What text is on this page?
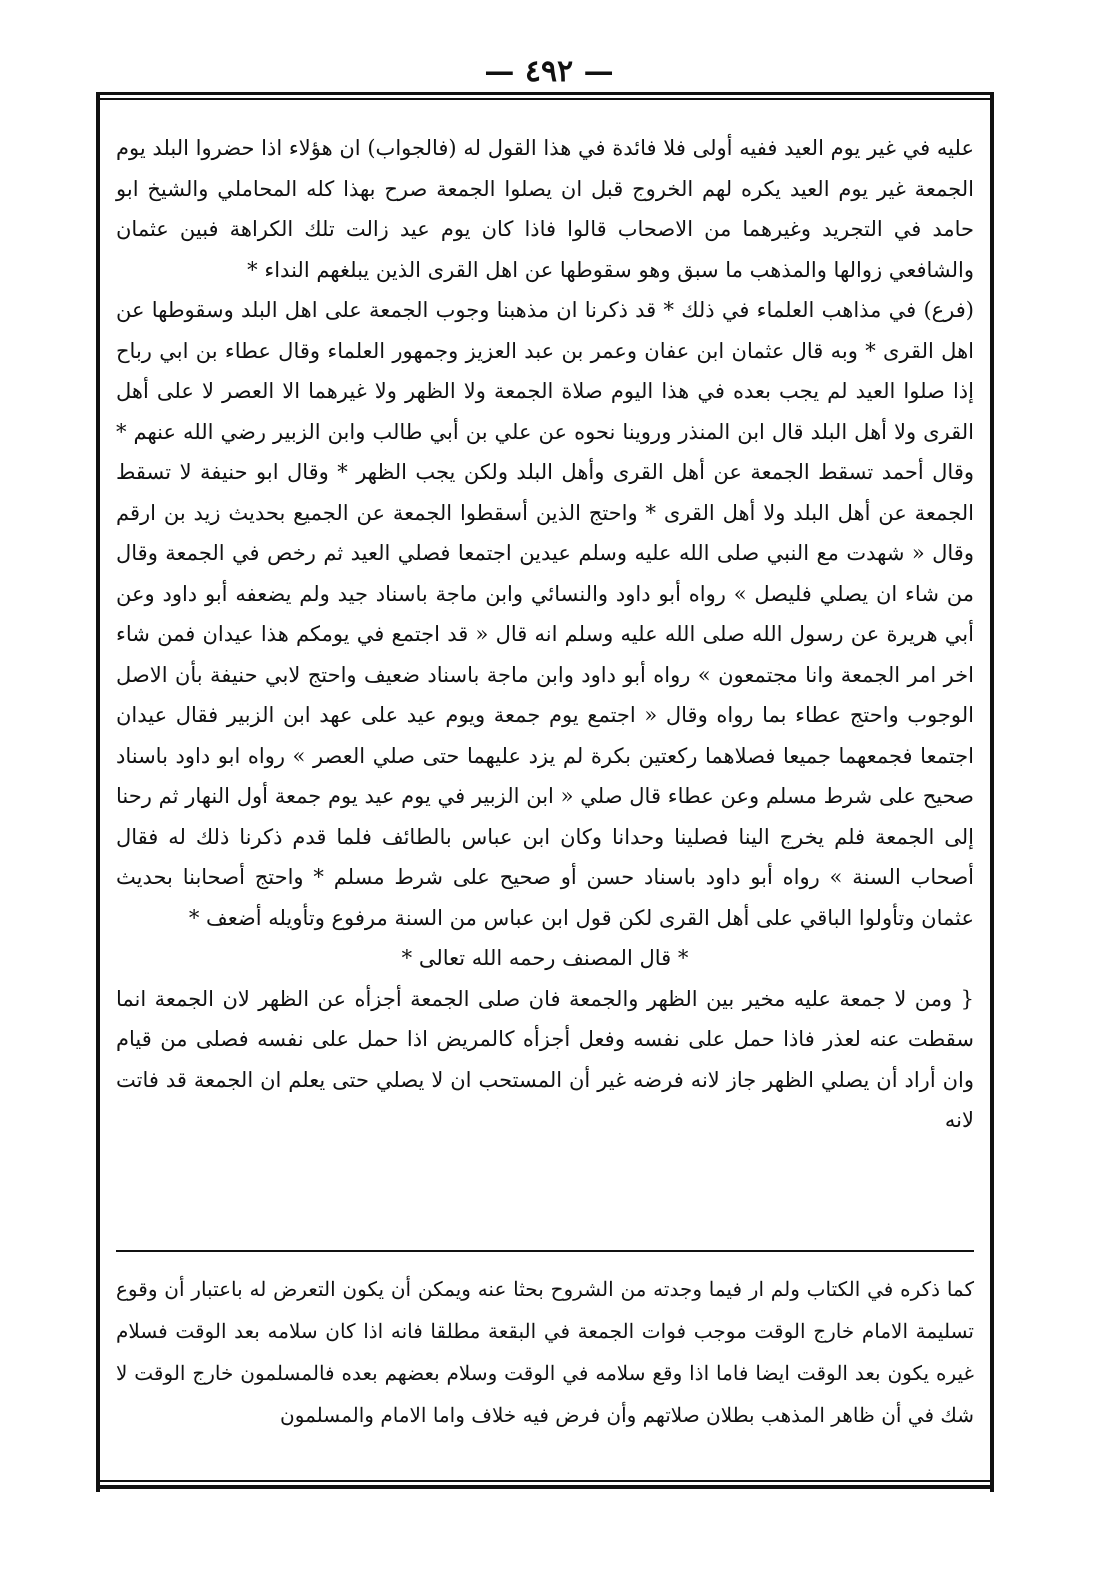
— ٤٩٢ —

عليه في غير يوم العيد ففيه أولى فلا فائدة في هذا القول له (فالجواب) ان هؤلاء اذا حضروا البلد يوم الجمعة غير يوم العيد يكره لهم الخروج قبل ان يصلوا الجمعة صرح بهذا كله المحاملي والشيخ ابو حامد في التجريد وغيرهما من الاصحاب قالوا فاذا كان يوم عيد زالت تلك الكراهة فبين عثمان والشافعي زوالها والمذهب ما سبق وهو سقوطها عن اهل القرى الذين يبلغهم النداء *

(فرع) في مذاهب العلماء في ذلك * قد ذكرنا ان مذهبنا وجوب الجمعة على اهل البلد وسقوطها عن اهل القرى * وبه قال عثمان ابن عفان وعمر بن عبد العزيز وجمهور العلماء وقال عطاء بن ابي رباح إذا صلوا العيد لم يجب بعده في هذا اليوم صلاة الجمعة ولا الظهر ولا غيرهما الا العصر لا على أهل القرى ولا أهل البلد قال ابن المنذر وروينا نحوه عن علي بن أبي طالب وابن الزبير رضي الله عنهم * وقال أحمد تسقط الجمعة عن أهل القرى وأهل البلد ولكن يجب الظهر * وقال ابو حنيفة لا تسقط الجمعة عن أهل البلد ولا أهل القرى * واحتج الذين أسقطوا الجمعة عن الجميع بحديث زيد بن ارقم وقال « شهدت مع النبي صلى الله عليه وسلم عيدين اجتمعا فصلي العيد ثم رخص في الجمعة وقال من شاء ان يصلي فليصل » رواه أبو داود والنسائي وابن ماجة باسناد جيد ولم يضعفه أبو داود وعن أبي هريرة عن رسول الله صلى الله عليه وسلم انه قال « قد اجتمع في يومكم هذا عيدان فمن شاء اخر امر الجمعة وانا مجتمعون » رواه أبو داود وابن ماجة باسناد ضعيف واحتج لابي حنيفة بأن الاصل الوجوب واحتج عطاء بما رواه وقال « اجتمع يوم جمعة ويوم عيد على عهد ابن الزبير فقال عيدان اجتمعا فجمعهما جميعا فصلاهما ركعتين بكرة لم يزد عليهما حتى صلي العصر » رواه ابو داود باسناد صحيح على شرط مسلم وعن عطاء قال صلي « ابن الزبير في يوم عيد يوم جمعة أول النهار ثم رحنا إلى الجمعة فلم يخرج الينا فصلينا وحدانا وكان ابن عباس بالطائف فلما قدم ذكرنا ذلك له فقال أصحاب السنة » رواه أبو داود باسناد حسن أو صحيح على شرط مسلم * واحتج أصحابنا بحديث عثمان وتأولوا الباقي على أهل القرى لكن قول ابن عباس من السنة مرفوع وتأويله أضعف *

* قال المصنف رحمه الله تعالى *

{ ومن لا جمعة عليه مخير بين الظهر والجمعة فان صلى الجمعة أجزأه عن الظهر لان الجمعة انما سقطت عنه لعذر فاذا حمل على نفسه وفعل أجزأه كالمريض اذا حمل على نفسه فصلى من قيام وان أراد أن يصلي الظهر جاز لانه فرضه غير أن المستحب ان لا يصلي حتى يعلم ان الجمعة قد فاتت لانه

كما ذكره في الكتاب ولم ار فيما وجدته من الشروح بحثا عنه ويمكن أن يكون التعرض له باعتبار أن وقوع تسليمة الامام خارج الوقت موجب فوات الجمعة في البقعة مطلقا فانه اذا كان سلامه بعد الوقت فسلام غيره يكون بعد الوقت ايضا فاما اذا وقع سلامه في الوقت وسلام بعضهم بعده فالمسلمون خارج الوقت لا شك في أن ظاهر المذهب بطلان صلاتهم وأن فرض فيه خلاف واما الامام والمسلمون
